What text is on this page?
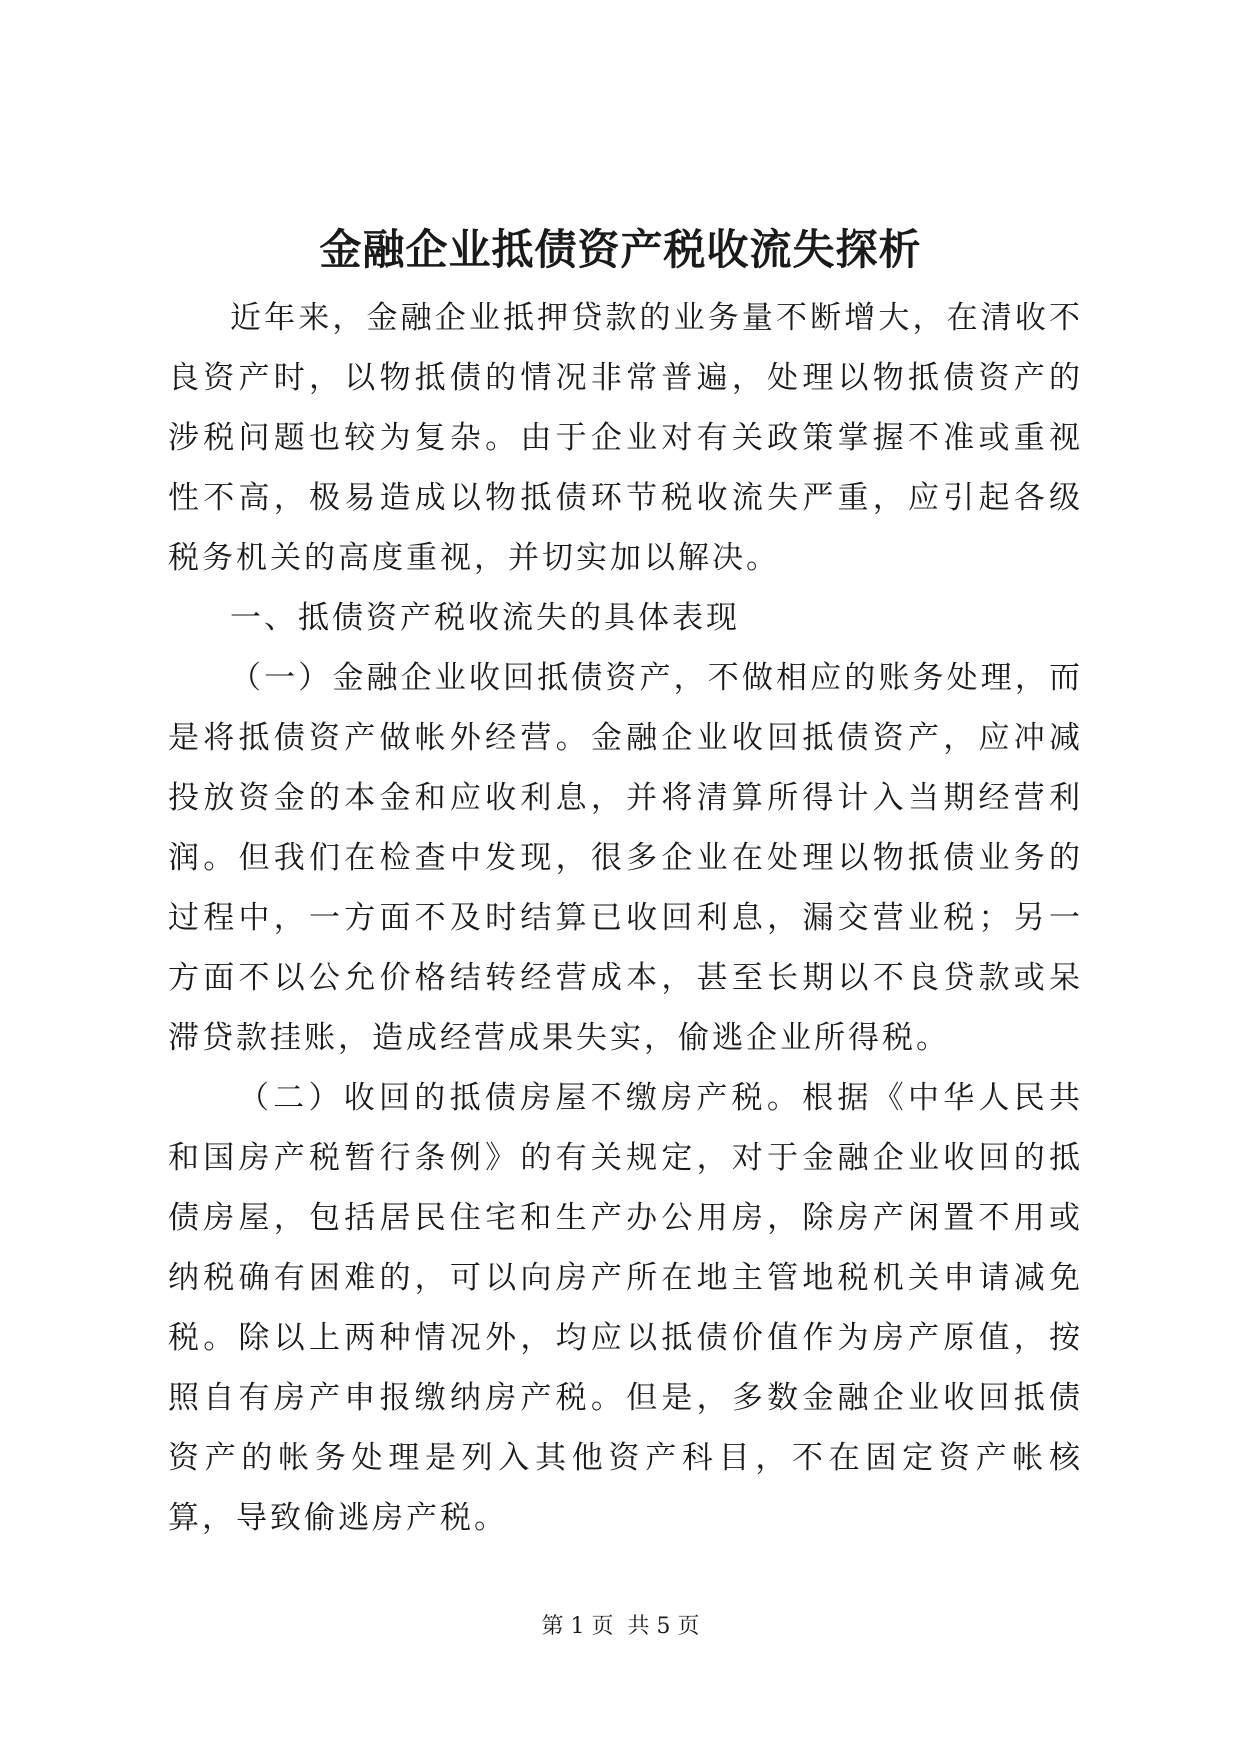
金融企业抵债资产税收流失探析

近年来，金融企业抵押贷款的业务量不断增大，在清收不良资产时，以物抵债的情况非常普遍，处理以物抵债资产的涉税问题也较为复杂。由于企业对有关政策掌握不准或重视性不高，极易造成以物抵债环节税收流失严重，应引起各级税务机关的高度重视，并切实加以解决。

一、抵债资产税收流失的具体表现

（一）金融企业收回抵债资产，不做相应的账务处理，而是将抵债资产做帐外经营。金融企业收回抵债资产，应冲减投放资金的本金和应收利息，并将清算所得计入当期经营利润。但我们在检查中发现，很多企业在处理以物抵债业务的过程中，一方面不及时结算已收回利息，漏交营业税；另一方面不以公允价格结转经营成本，甚至长期以不良贷款或呆滞贷款挂账，造成经营成果失实，偷逃企业所得税。

（二）收回的抵债房屋不缴房产税。根据《中华人民共和国房产税暂行条例》的有关规定，对于金融企业收回的抵债房屋，包括居民住宅和生产办公用房，除房产闲置不用或纳税确有困难的，可以向房产所在地主管地税机关申请减免税。除以上两种情况外，均应以抵债价值作为房产原值，按照自有房产申报缴纳房产税。但是，多数金融企业收回抵债资产的帐务处理是列入其他资产科目，不在固定资产帐核算，导致偷逃房产税。

第 1 页  共 5 页
